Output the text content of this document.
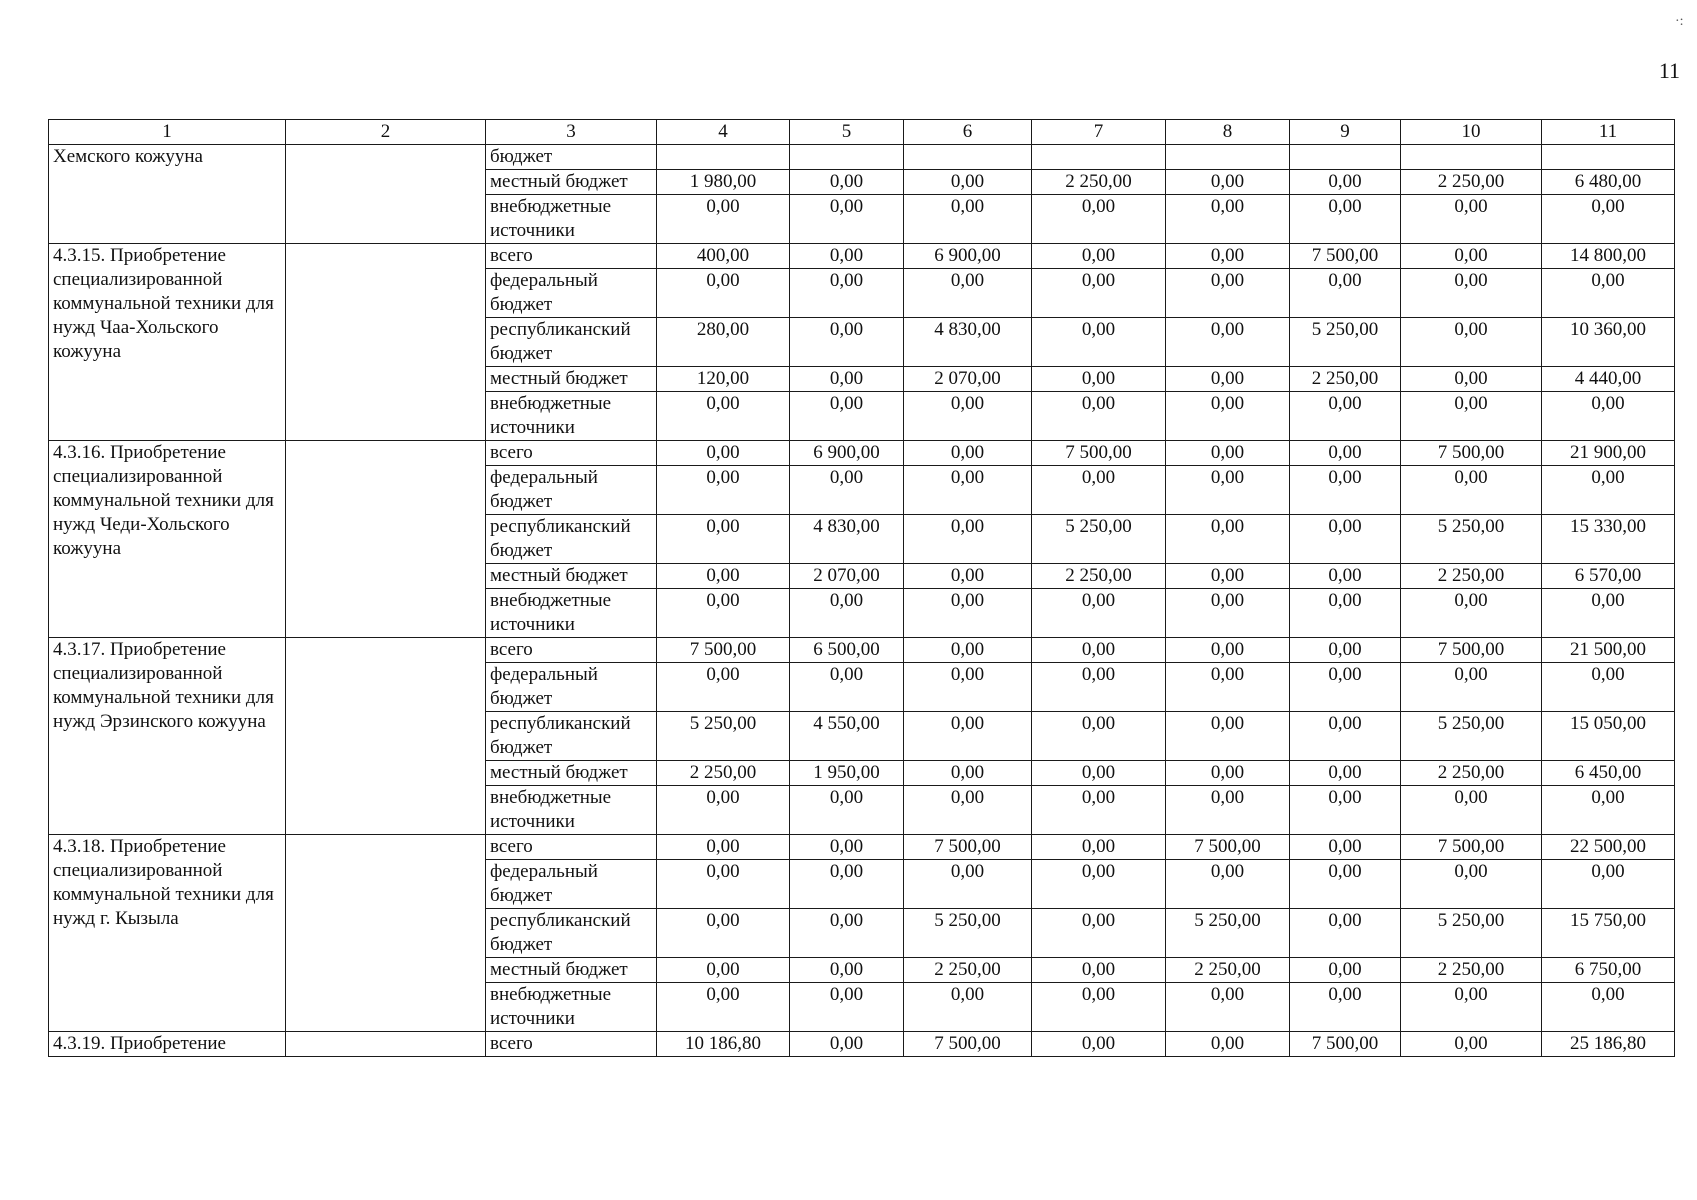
11
·:
1	2	3	4	5	6	7	8	9	10	11
Хемского кожууна		бюджет								
		местный бюджет	1 980,00	0,00	0,00	2 250,00	0,00	0,00	2 250,00	6 480,00
		внебюджетные источники	0,00	0,00	0,00	0,00	0,00	0,00	0,00	0,00
4.3.15. Приобретение специализированной коммунальной техники для нужд Чаа-Хольского кожууна		всего	400,00	0,00	6 900,00	0,00	0,00	7 500,00	0,00	14 800,00
		федеральный бюджет	0,00	0,00	0,00	0,00	0,00	0,00	0,00	0,00
		республиканский бюджет	280,00	0,00	4 830,00	0,00	0,00	5 250,00	0,00	10 360,00
		местный бюджет	120,00	0,00	2 070,00	0,00	0,00	2 250,00	0,00	4 440,00
		внебюджетные источники	0,00	0,00	0,00	0,00	0,00	0,00	0,00	0,00
4.3.16. Приобретение специализированной коммунальной техники для нужд Чеди-Хольского кожууна		всего	0,00	6 900,00	0,00	7 500,00	0,00	0,00	7 500,00	21 900,00
		федеральный бюджет	0,00	0,00	0,00	0,00	0,00	0,00	0,00	0,00
		республиканский бюджет	0,00	4 830,00	0,00	5 250,00	0,00	0,00	5 250,00	15 330,00
		местный бюджет	0,00	2 070,00	0,00	2 250,00	0,00	0,00	2 250,00	6 570,00
		внебюджетные источники	0,00	0,00	0,00	0,00	0,00	0,00	0,00	0,00
4.3.17. Приобретение специализированной коммунальной техники для нужд Эрзинского кожууна		всего	7 500,00	6 500,00	0,00	0,00	0,00	0,00	7 500,00	21 500,00
		федеральный бюджет	0,00	0,00	0,00	0,00	0,00	0,00	0,00	0,00
		республиканский бюджет	5 250,00	4 550,00	0,00	0,00	0,00	0,00	5 250,00	15 050,00
		местный бюджет	2 250,00	1 950,00	0,00	0,00	0,00	0,00	2 250,00	6 450,00
		внебюджетные источники	0,00	0,00	0,00	0,00	0,00	0,00	0,00	0,00
4.3.18. Приобретение специализированной коммунальной техники для нужд г. Кызыла		всего	0,00	0,00	7 500,00	0,00	7 500,00	0,00	7 500,00	22 500,00
		федеральный бюджет	0,00	0,00	0,00	0,00	0,00	0,00	0,00	0,00
		республиканский бюджет	0,00	0,00	5 250,00	0,00	5 250,00	0,00	5 250,00	15 750,00
		местный бюджет	0,00	0,00	2 250,00	0,00	2 250,00	0,00	2 250,00	6 750,00
		внебюджетные источники	0,00	0,00	0,00	0,00	0,00	0,00	0,00	0,00
4.3.19. Приобретение		всего	10 186,80	0,00	7 500,00	0,00	0,00	7 500,00	0,00	25 186,80
